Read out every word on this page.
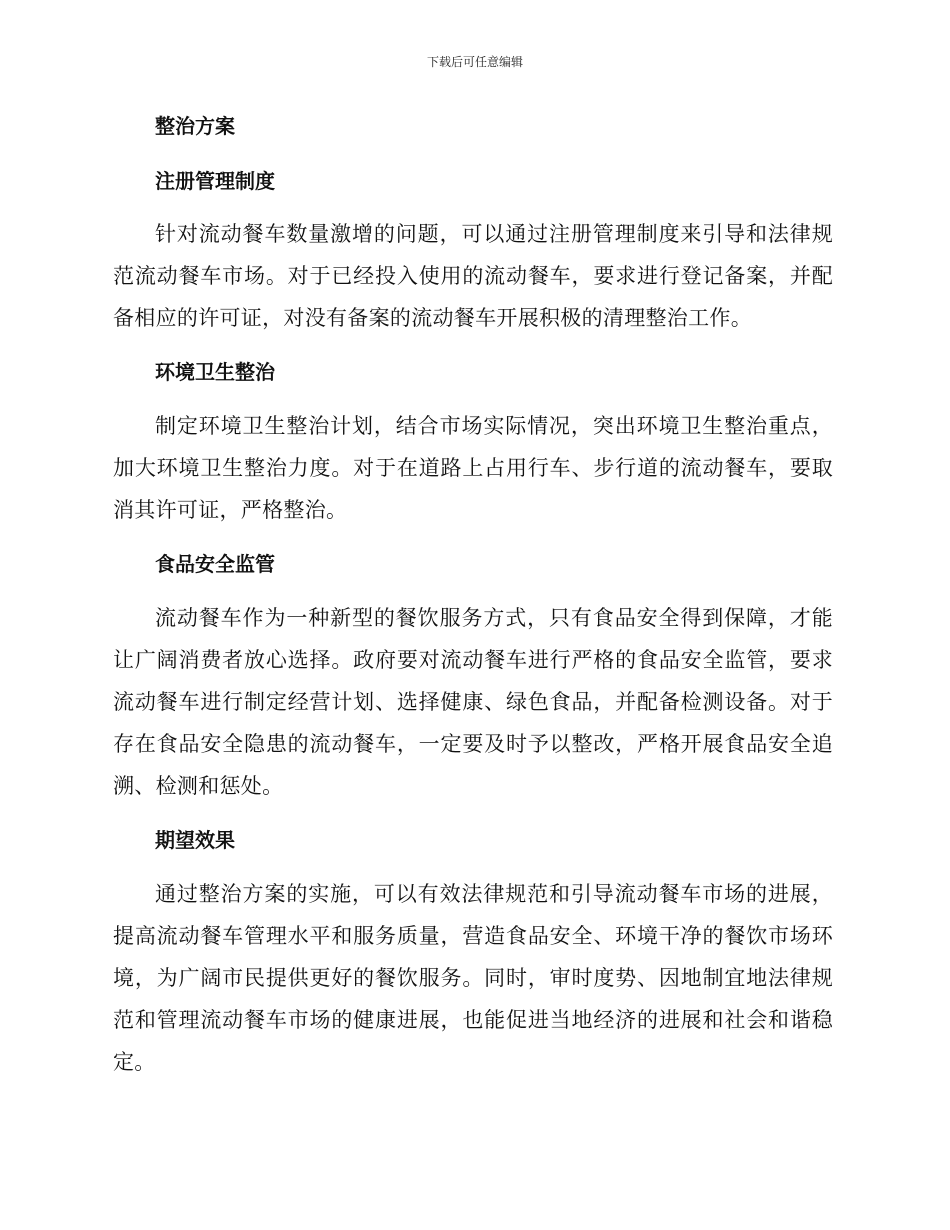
下载后可任意编辑
整治方案
注册管理制度

针对流动餐车数量激增的问题，可以通过注册管理制度来引导和法律规范流动餐车市场。对于已经投入使用的流动餐车，要求进行登记备案，并配备相应的许可证，对没有备案的流动餐车开展积极的清理整治工作。

环境卫生整治

制定环境卫生整治计划，结合市场实际情况，突出环境卫生整治重点，加大环境卫生整治力度。对于在道路上占用行车、步行道的流动餐车，要取消其许可证，严格整治。

食品安全监管

流动餐车作为一种新型的餐饮服务方式，只有食品安全得到保障，才能让广阔消费者放心选择。政府要对流动餐车进行严格的食品安全监管，要求流动餐车进行制定经营计划、选择健康、绿色食品，并配备检测设备。对于存在食品安全隐患的流动餐车，一定要及时予以整改，严格开展食品安全追溯、检测和惩处。

期望效果

通过整治方案的实施，可以有效法律规范和引导流动餐车市场的进展，提高流动餐车管理水平和服务质量，营造食品安全、环境干净的餐饮市场环境，为广阔市民提供更好的餐饮服务。同时，审时度势、因地制宜地法律规范和管理流动餐车市场的健康进展，也能促进当地经济的进展和社会和谐稳定。
